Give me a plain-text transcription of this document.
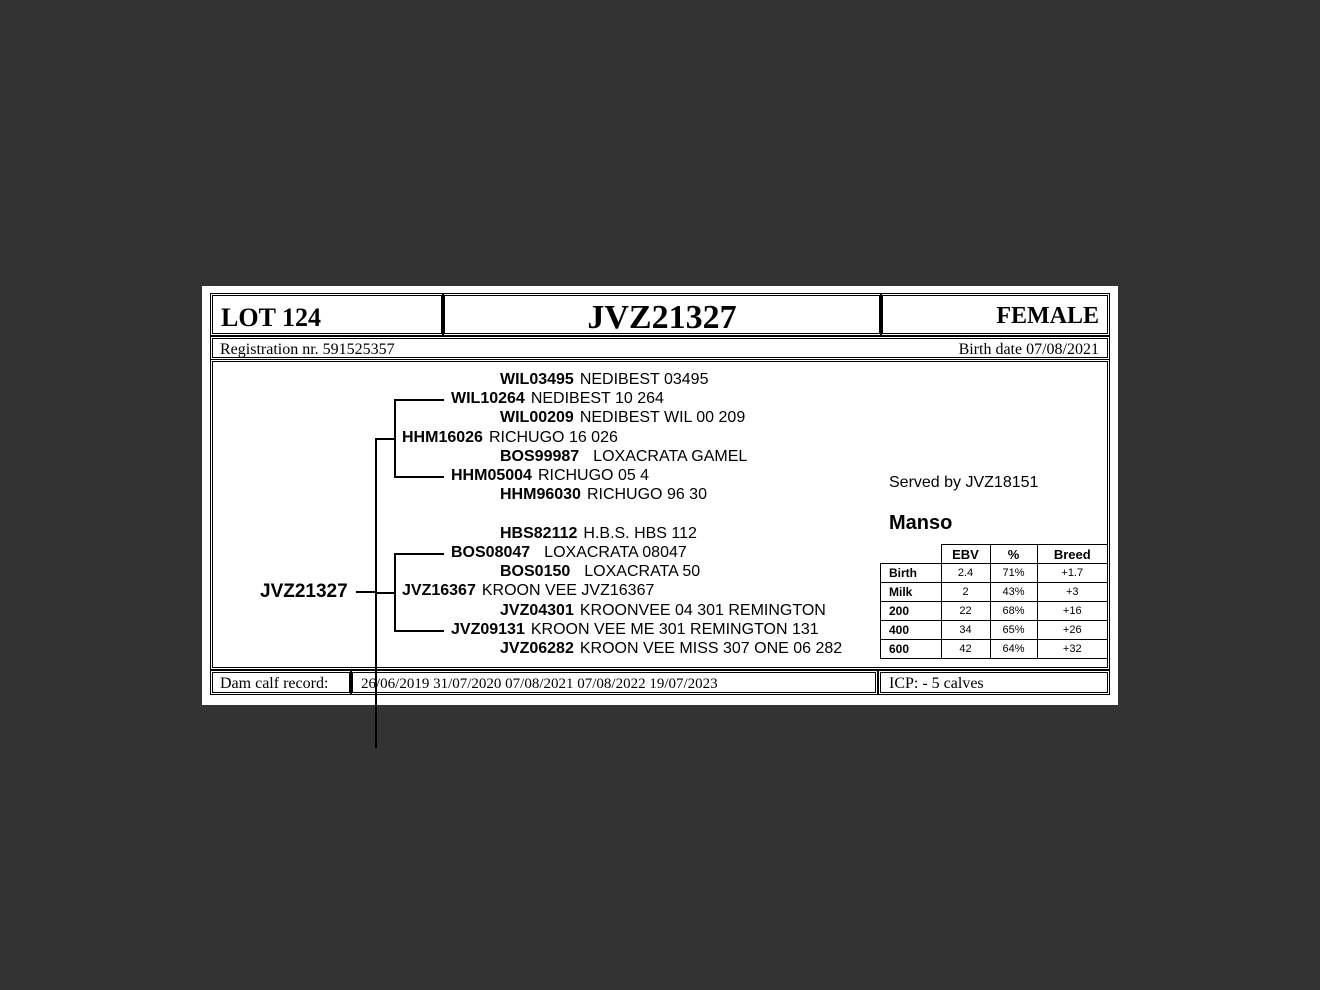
LOT 124	JVZ21327	FEMALE
Registration nr. 591525357	Birth date 07/08/2021
JVZ21327
WIL03495 NEDIBEST 03495
WIL10264 NEDIBEST 10 264
WIL00209 NEDIBEST WIL 00 209
HHM16026 RICHUGO 16 026
BOS99987 LOXACRATA GAMEL
HHM05004 RICHUGO 05 4
HHM96030 RICHUGO 96 30
HBS82112 H.B.S. HBS 112
BOS08047 LOXACRATA 08047
BOS0150 LOXACRATA 50
JVZ16367 KROON VEE JVZ16367
JVZ04301 KROONVEE 04 301 REMINGTON
JVZ09131 KROON VEE ME 301 REMINGTON 131
JVZ06282 KROON VEE MISS 307 ONE 06 282
Manso
Served by JVZ18151
	EBV	%	Breed
Birth	2.4	71%	+1.7
Milk	2	43%	+3
200	22	68%	+16
400	34	65%	+26
600	42	64%	+32
Dam calf record: 26/06/2019 31/07/2020 07/08/2021 07/08/2022 19/07/2023	ICP: - 5 calves
